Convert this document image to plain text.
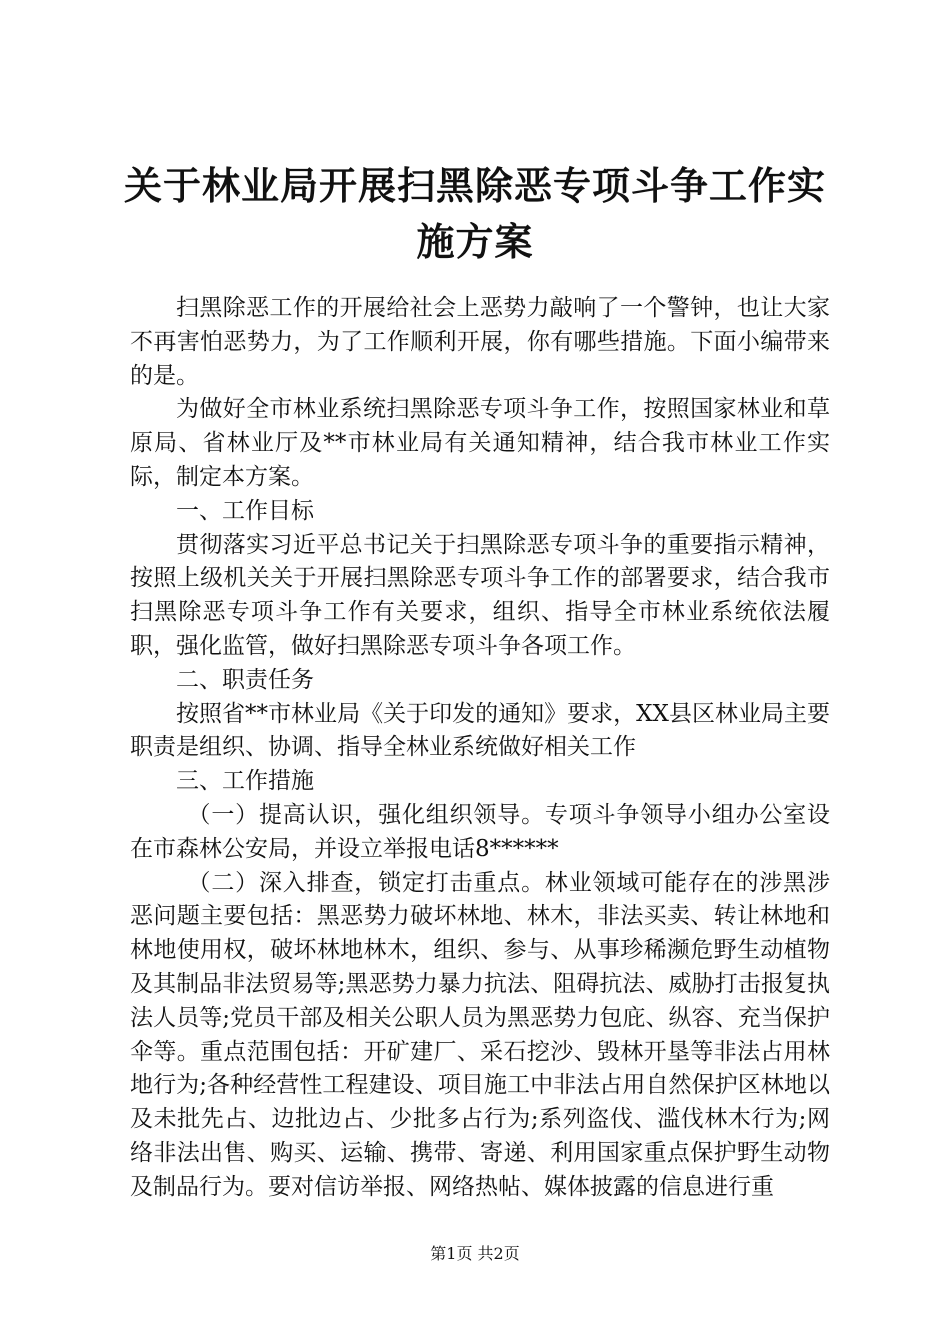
关于林业局开展扫黑除恶专项斗争工作实施方案

扫黑除恶工作的开展给社会上恶势力敲响了一个警钟，也让大家不再害怕恶势力，为了工作顺利开展，你有哪些措施。下面小编带来的是。

为做好全市林业系统扫黑除恶专项斗争工作，按照国家林业和草原局、省林业厅及**市林业局有关通知精神，结合我市林业工作实际，制定本方案。

一、工作目标

贯彻落实习近平总书记关于扫黑除恶专项斗争的重要指示精神，按照上级机关关于开展扫黑除恶专项斗争工作的部署要求，结合我市扫黑除恶专项斗争工作有关要求，组织、指导全市林业系统依法履职，强化监管，做好扫黑除恶专项斗争各项工作。

二、职责任务

按照省**市林业局《关于印发的通知》要求，XX县区林业局主要职责是组织、协调、指导全林业系统做好相关工作

三、工作措施

（一）提高认识，强化组织领导。专项斗争领导小组办公室设在市森林公安局，并设立举报电话8******

（二）深入排查，锁定打击重点。林业领域可能存在的涉黑涉恶问题主要包括：黑恶势力破坏林地、林木，非法买卖、转让林地和林地使用权，破坏林地林木，组织、参与、从事珍稀濒危野生动植物及其制品非法贸易等;黑恶势力暴力抗法、阻碍抗法、威胁打击报复执法人员等;党员干部及相关公职人员为黑恶势力包庇、纵容、充当保护伞等。重点范围包括：开矿建厂、采石挖沙、毁林开垦等非法占用林地行为;各种经营性工程建设、项目施工中非法占用自然保护区林地以及未批先占、边批边占、少批多占行为;系列盗伐、滥伐林木行为;网络非法出售、购买、运输、携带、寄递、利用国家重点保护野生动物及制品行为。要对信访举报、网络热帖、媒体披露的信息进行重

第1页 共2页
